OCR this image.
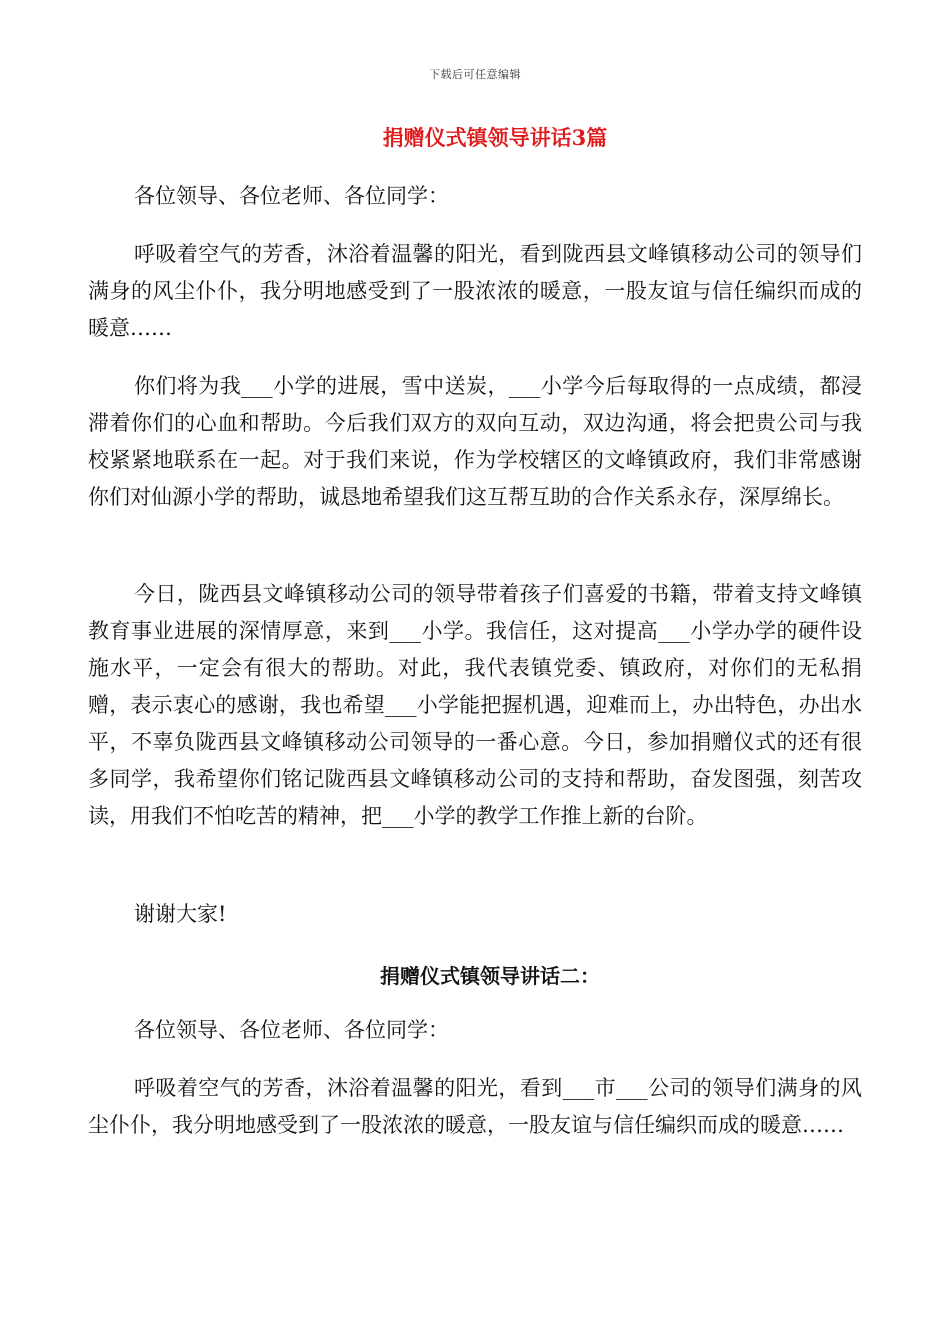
下载后可任意编辑
捐赠仪式镇领导讲话3篇

各位领导、各位老师、各位同学：

呼吸着空气的芳香，沐浴着温馨的阳光，看到陇西县文峰镇移动公司的领导们满身的风尘仆仆，我分明地感受到了一股浓浓的暖意，一股友谊与信任编织而成的暖意……

你们将为我___小学的进展，雪中送炭，___小学今后每取得的一点成绩，都浸滞着你们的心血和帮助。今后我们双方的双向互动，双边沟通，将会把贵公司与我校紧紧地联系在一起。对于我们来说，作为学校辖区的文峰镇政府，我们非常感谢你们对仙源小学的帮助，诚恳地希望我们这互帮互助的合作关系永存，深厚绵长。

今日，陇西县文峰镇移动公司的领导带着孩子们喜爱的书籍，带着支持文峰镇教育事业进展的深情厚意，来到___小学。我信任，这对提高___小学办学的硬件设施水平，一定会有很大的帮助。对此，我代表镇党委、镇政府，对你们的无私捐赠，表示衷心的感谢，我也希望___小学能把握机遇，迎难而上，办出特色，办出水平，不辜负陇西县文峰镇移动公司领导的一番心意。今日，参加捐赠仪式的还有很多同学，我希望你们铭记陇西县文峰镇移动公司的支持和帮助，奋发图强，刻苦攻读，用我们不怕吃苦的精神，把___小学的教学工作推上新的台阶。

谢谢大家!

捐赠仪式镇领导讲话二：

各位领导、各位老师、各位同学：

呼吸着空气的芳香，沐浴着温馨的阳光，看到___市___公司的领导们满身的风尘仆仆，我分明地感受到了一股浓浓的暖意，一股友谊与信任编织而成的暖意……
